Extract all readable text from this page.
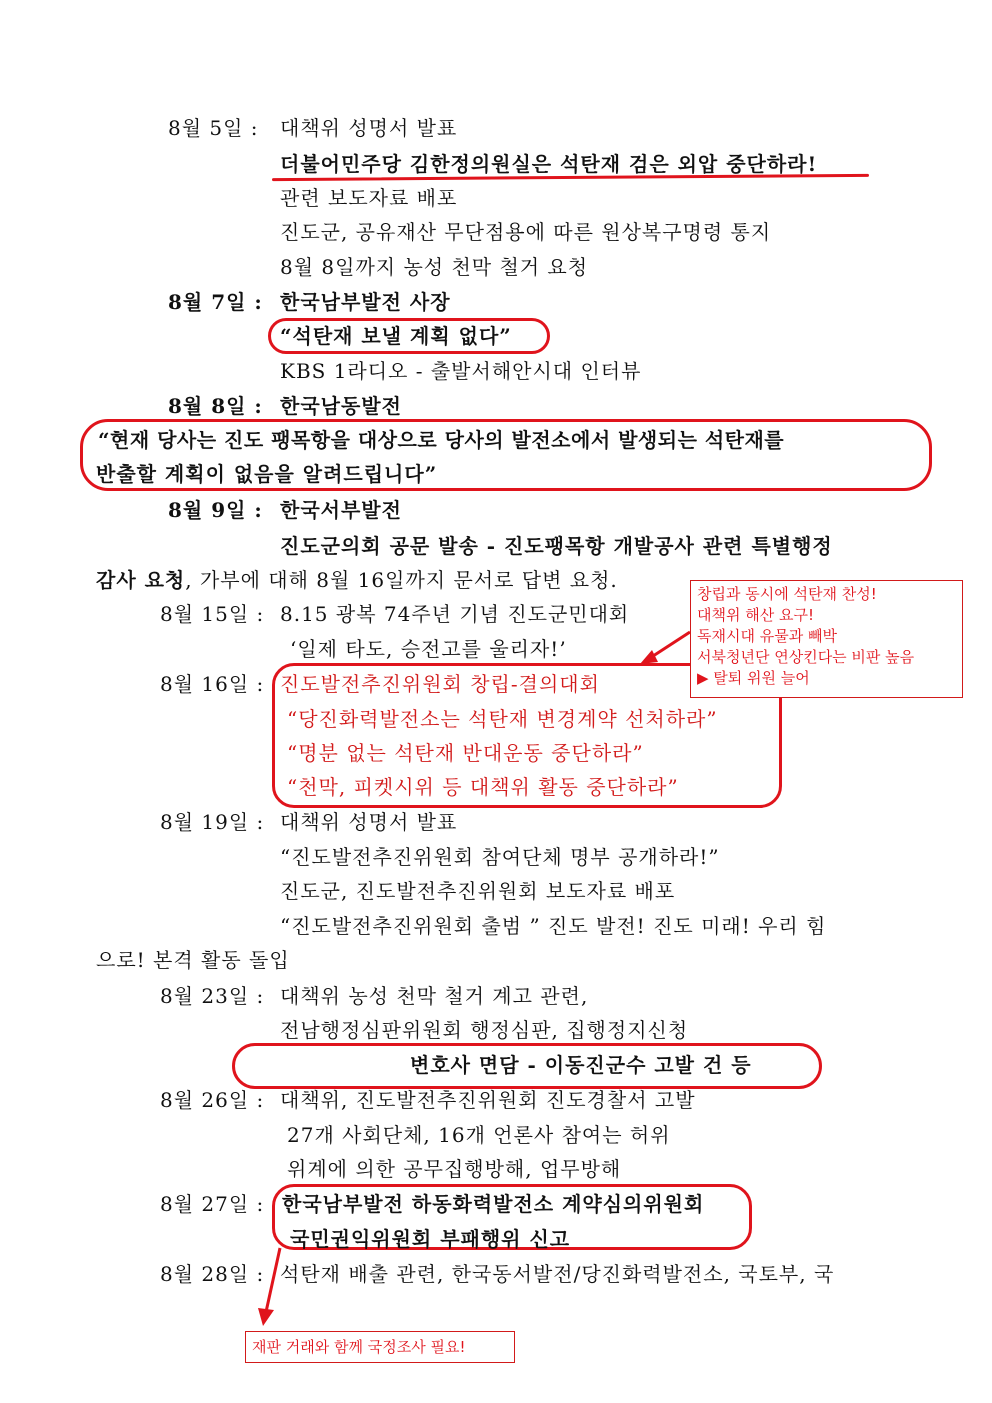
8월 5일 : 대책위 성명서 발표
더불어민주당 김한정의원실은 석탄재 검은 외압 중단하라!
관련 보도자료 배포
진도군, 공유재산 무단점용에 따른 원상복구명령 통지
8월 8일까지 농성 천막 철거 요청
8월 7일 : 한국남부발전 사장
“석탄재 보낼 계획 없다”
KBS 1라디오 - 출발서해안시대 인터뷰
8월 8일 : 한국남동발전
“현재 당사는 진도 팽목항을 대상으로 당사의 발전소에서 발생되는 석탄재를
반출할 계획이 없음을 알려드립니다”
8월 9일 : 한국서부발전
진도군의회 공문 발송 - 진도팽목항 개발공사 관련 특별행정
감사 요청, 가부에 대해 8월 16일까지 문서로 답변 요청.
8월 15일 : 8.15 광복 74주년 기념 진도군민대회
‘일제 타도, 승전고를 울리자!’
8월 16일 : 진도발전추진위원회 창립-결의대회
“당진화력발전소는 석탄재 변경계약 선처하라”
“명분 없는 석탄재 반대운동 중단하라”
“천막, 피켓시위 등 대책위 활동 중단하라”
8월 19일 : 대책위 성명서 발표
“진도발전추진위원회 참여단체 명부 공개하라!”
진도군, 진도발전추진위원회 보도자료 배포
“진도발전추진위원회 출범 ” 진도 발전! 진도 미래! 우리 힘
으로! 본격 활동 돌입
8월 23일 : 대책위 농성 천막 철거 계고 관련,
전남행정심판위원회 행정심판, 집행정지신청
변호사 면담 - 이동진군수 고발 건 등
8월 26일 : 대책위, 진도발전추진위원회 진도경찰서 고발
27개 사회단체, 16개 언론사 참여는 허위
위계에 의한 공무집행방해, 업무방해
8월 27일 : 한국남부발전 하동화력발전소 계약심의위원회
국민권익위원회 부패행위 신고
8월 28일 : 석탄재 배출 관련, 한국동서발전/당진화력발전소, 국토부, 국
창립과 동시에 석탄재 찬성!
대책위 해산 요구!
독재시대 유물과 빼박
서북청년단 연상킨다는 비판 높음
▶ 탈퇴 위원 늘어
재판 거래와 함께 국정조사 필요!
